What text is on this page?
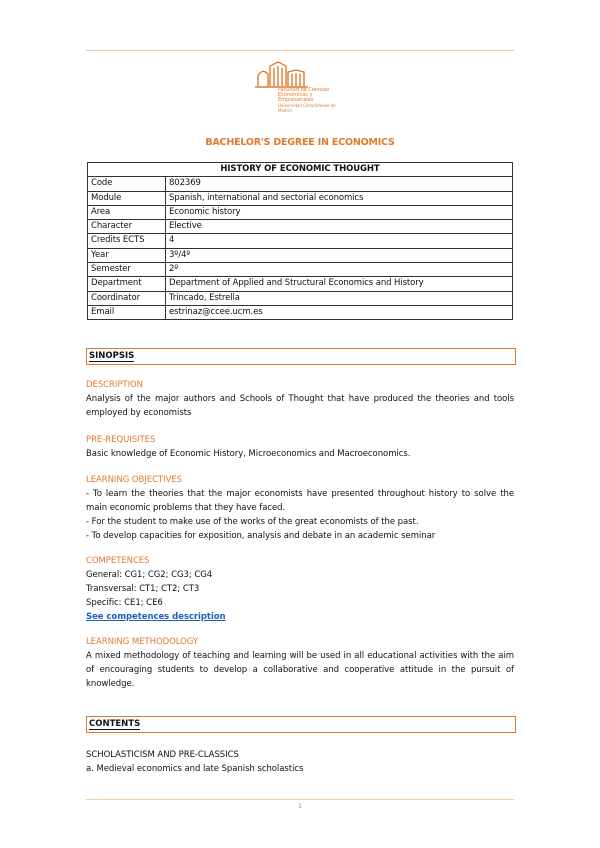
Facultad de Ciencias Económicas y Empresariales
Universidad Complutense de Madrid
BACHELOR'S DEGREE IN ECONOMICS
HISTORY OF ECONOMIC THOUGHT	
Code	802369
Module	Spanish, international and sectorial economics
Area	Economic history
Character	Elective
Credits ECTS	4
Year	3º/4º
Semester	2º
Department	Department of Applied and Structural Economics and History
Coordinator	Trincado, Estrella
Email	estrinaz@ccee.ucm.es
SINOPSIS
DESCRIPTION
Analysis of the major authors and Schools of Thought that have produced the theories and tools employed by economists
PRE-REQUISITES
Basic knowledge of Economic History, Microeconomics and Macroeconomics.
LEARNING OBJECTIVES
- To learn the theories that the major economists have presented throughout history to solve the main economic problems that they have faced.
- For the student to make use of the works of the great economists of the past.
- To develop capacities for exposition, analysis and debate in an academic seminar
COMPETENCES
General: CG1; CG2; CG3; CG4
Transversal: CT1; CT2; CT3
Specific: CE1; CE6
See competences description
LEARNING METHODOLOGY
A mixed methodology of teaching and learning will be used in all educational activities with the aim of encouraging students to develop a collaborative and cooperative attitude in the pursuit of knowledge.
CONTENTS
SCHOLASTICISM AND PRE-CLASSICS
a. Medieval economics and late Spanish scholastics
1
